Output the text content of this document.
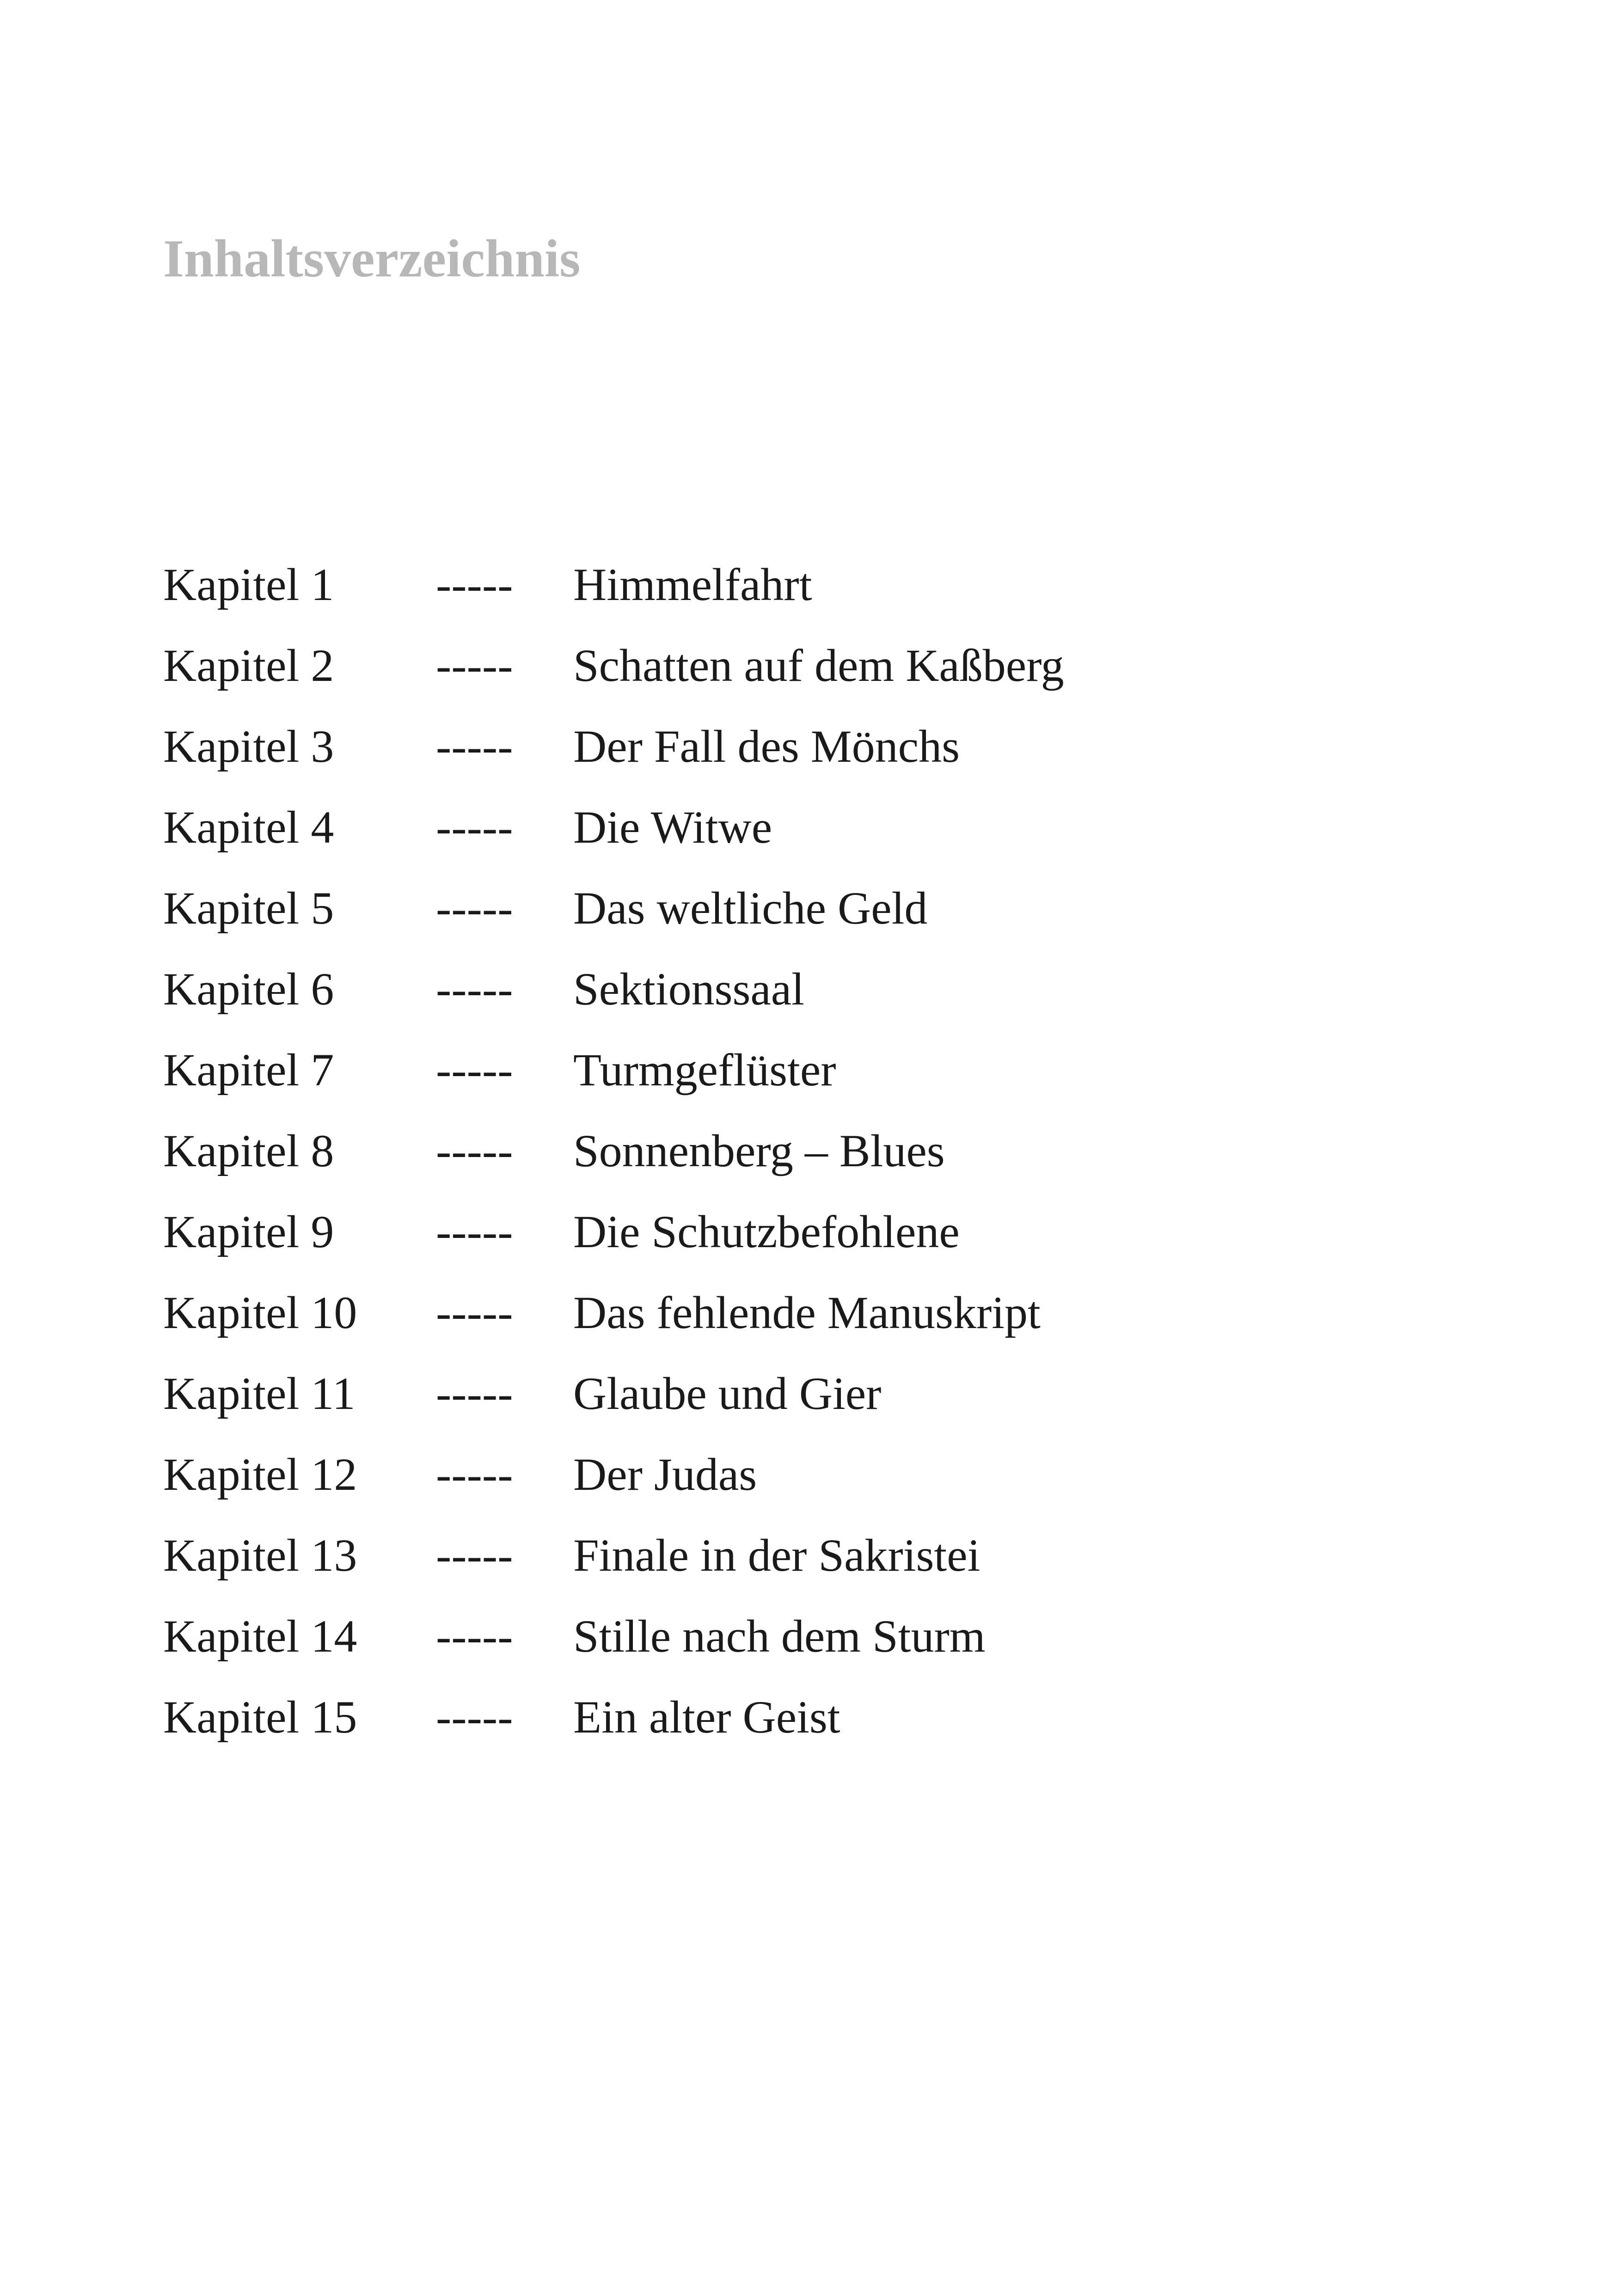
Inhaltsverzeichnis
Kapitel 1 ----- Himmelfahrt
Kapitel 2 ----- Schatten auf dem Kaßberg
Kapitel 3 ----- Der Fall des Mönchs
Kapitel 4 ----- Die Witwe
Kapitel 5 ----- Das weltliche Geld
Kapitel 6 ----- Sektionssaal
Kapitel 7 ----- Turmgeflüster
Kapitel 8 ----- Sonnenberg – Blues
Kapitel 9 ----- Die Schutzbefohlene
Kapitel 10 ----- Das fehlende Manuskript
Kapitel 11 ----- Glaube und Gier
Kapitel 12 ----- Der Judas
Kapitel 13 ----- Finale in der Sakristei
Kapitel 14 ----- Stille nach dem Sturm
Kapitel 15 ----- Ein alter Geist
